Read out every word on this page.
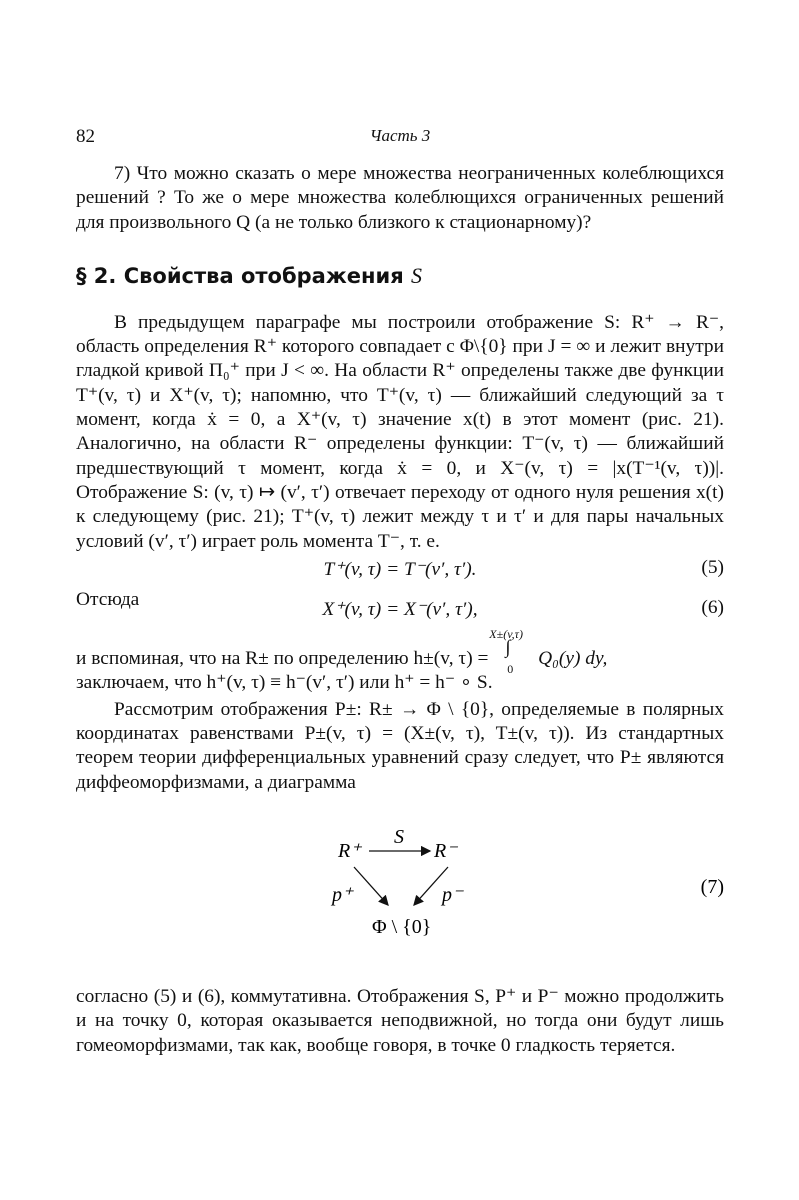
82	Часть 3

7) Что можно сказать о мере множества неограниченных колеблющихся решений ? То же о мере множества колеблющихся ограниченных решений для произвольного Q (а не только близкого к стационарному)?

§ 2. Свойства отображения S

В предыдущем параграфе мы построили отображение S: R⁺ → R⁻, область определения R⁺ которого совпадает с Φ\{0} при J = ∞ и лежит внутри гладкой кривой Π₀⁺ при J < ∞. На области R⁺ определены также две функции T⁺(v, τ) и X⁺(v, τ); напомню, что T⁺(v, τ) — ближайший следующий за τ момент, когда ẋ = 0, а X⁺(v, τ) значение x(t) в этот момент (рис. 21). Аналогично, на области R⁻ определены функции: T⁻(v, τ) — ближайший предшествующий τ момент, когда ẋ = 0, и X⁻(v, τ) = |x(T⁻¹(v, τ))|. Отображение S: (v, τ) ↦ (v′, τ′) отвечает переходу от одного нуля решения x(t) к следующему (рис. 21); T⁺(v, τ) лежит между τ и τ′ и для пары начальных условий (v′, τ′) играет роль момента T⁻, т. е.

T⁺(v, τ) = T⁻(v′, τ′).	(5)

Отсюда	X⁺(v, τ) = X⁻(v′, τ′),	(6)

и вспоминая, что на R± по определению h±(v, τ) =
X±(v,τ)
∫
0 Q₀(y) dy,
заключаем, что h⁺(v, τ) ≡ h⁻(v′, τ′) или h⁺ = h⁻ ∘ S.

Рассмотрим отображения P±: R± → Φ \ {0}, определяемые в полярных координатах равенствами P±(v, τ) = (X±(v, τ), T±(v, τ)). Из стандартных теорем теории дифференциальных уравнений сразу следует, что P± являются диффеоморфизмами, а диаграмма

R⁺
S
R⁻
p⁺	p⁻
Φ \ {0}
(7)

согласно (5) и (6), коммутативна. Отображения S, P⁺ и P⁻ можно продолжить и на точку 0, которая оказывается неподвижной, но тогда они будут лишь гомеоморфизмами, так как, вообще говоря, в точке 0 гладкость теряется.
